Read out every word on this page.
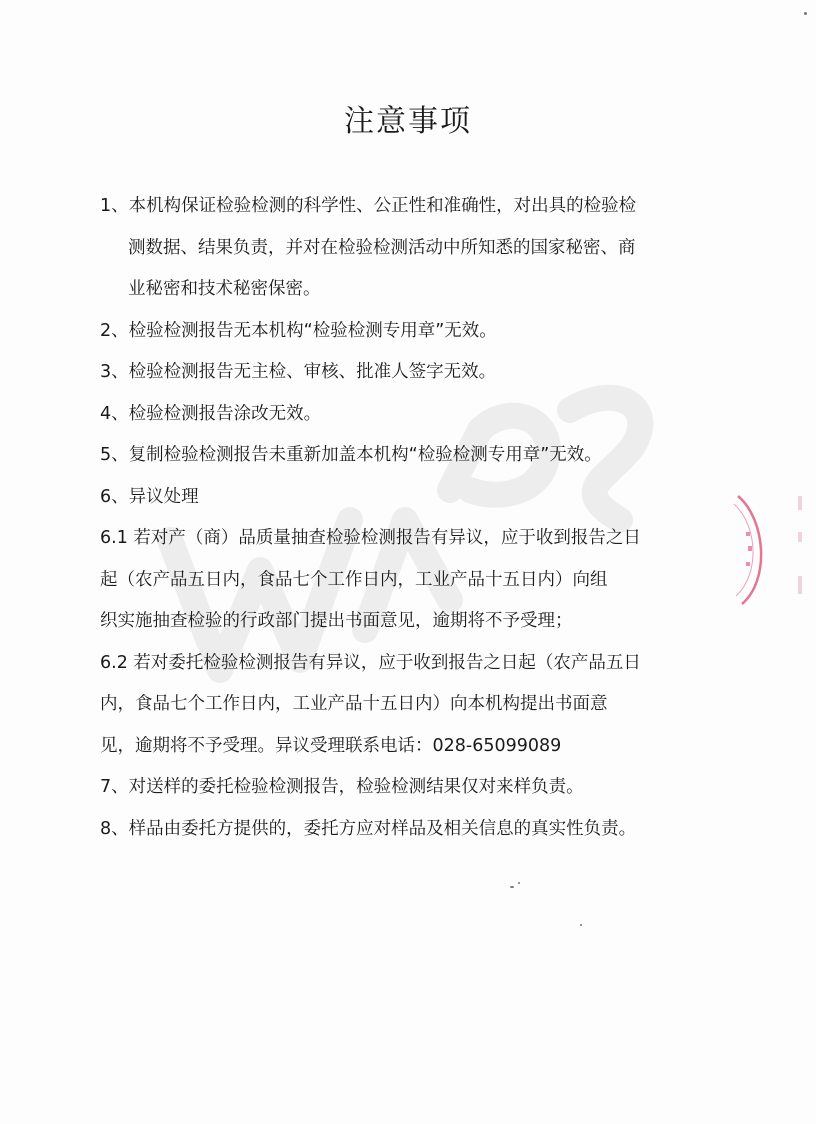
注意事项
1、本机构保证检验检测的科学性、公正性和准确性，对出具的检验检
测数据、结果负责，并对在检验检测活动中所知悉的国家秘密、商
业秘密和技术秘密保密。
2、检验检测报告无本机构“检验检测专用章”无效。
3、检验检测报告无主检、审核、批准人签字无效。
4、检验检测报告涂改无效。
5、复制检验检测报告未重新加盖本机构“检验检测专用章”无效。
6、异议处理
6.1 若对产（商）品质量抽查检验检测报告有异议，应于收到报告之日
起（农产品五日内，食品七个工作日内，工业产品十五日内）向组
织实施抽查检验的行政部门提出书面意见，逾期将不予受理；
6.2 若对委托检验检测报告有异议，应于收到报告之日起（农产品五日
内，食品七个工作日内，工业产品十五日内）向本机构提出书面意
见，逾期将不予受理。异议受理联系电话：028-65099089
7、对送样的委托检验检测报告，检验检测结果仅对来样负责。
8、样品由委托方提供的，委托方应对样品及相关信息的真实性负责。
